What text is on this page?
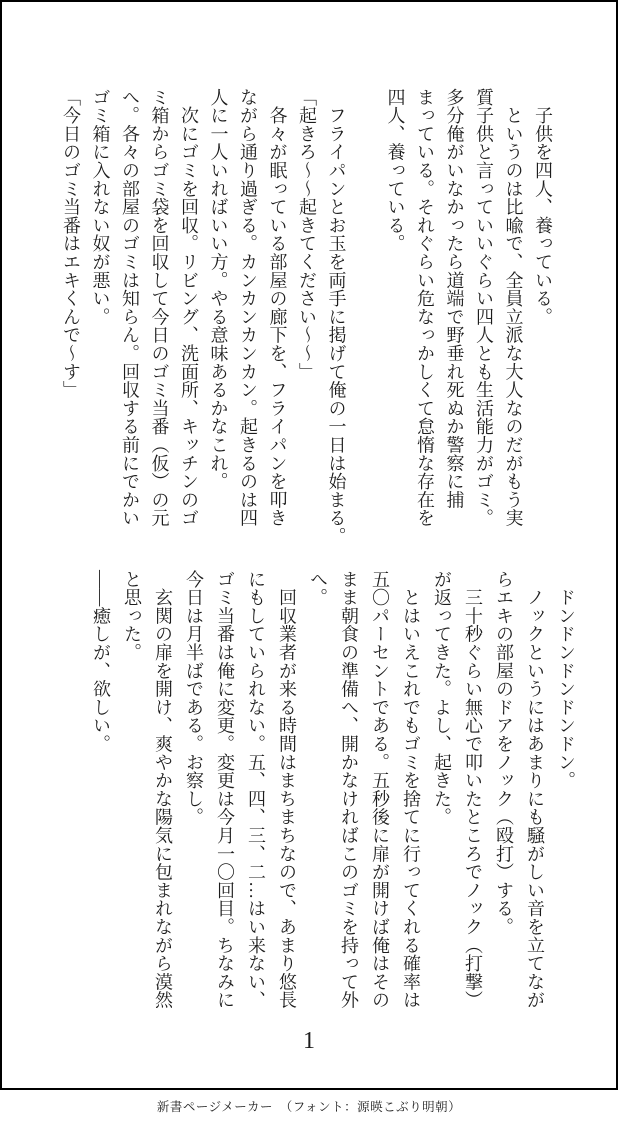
　子供を四人、養っている。

　というのは比喩で、全員立派な大人なのだがもう実

質子供と言っていいぐらい四人とも生活能力がゴミ。

多分俺がいなかったら道端で野垂れ死ぬか警察に捕

まっている。それぐらい危なっかしくて怠惰な存在を

四人、養っている。

　フライパンとお玉を両手に掲げて俺の一日は始まる。

「起きろ～～起きてください～～」

　各々が眠っている部屋の廊下を、フライパンを叩き

ながら通り過ぎる。カンカンカンカン。起きるのは四

人に一人いればいい方。やる意味あるかなこれ。

　次にゴミを回収。リビング、洗面所、キッチンのゴ

ミ箱からゴミ袋を回収して今日のゴミ当番（仮）の元

へ。各々の部屋のゴミは知らん。回収する前にでかい

ゴミ箱に入れない奴が悪い。

「今日のゴミ当番はエキくんで～す」

　ドンドンドンドンドン。

　ノックというにはあまりにも騒がしい音を立てなが

らエキの部屋のドアをノック（殴打）する。

　三十秒ぐらい無心で叩いたところでノック（打撃）

が返ってきた。よし、起きた。

　とはいえこれでもゴミを捨てに行ってくれる確率は

五〇パーセントである。五秒後に扉が開けば俺はその

まま朝食の準備へ、開かなければこのゴミを持って外

へ。

　回収業者が来る時間はまちまちなので、あまり悠長

にもしていられない。五、四、三、二…はい来ない、

ゴミ当番は俺に変更。変更は今月一〇回目。ちなみに

今日は月半ばである。お察し。

　玄関の扉を開け、爽やかな陽気に包まれながら漠然

と思った。

――癒しが、欲しい。

1
新書ページメーカー　（フォント：源暎こぶり明朝）
